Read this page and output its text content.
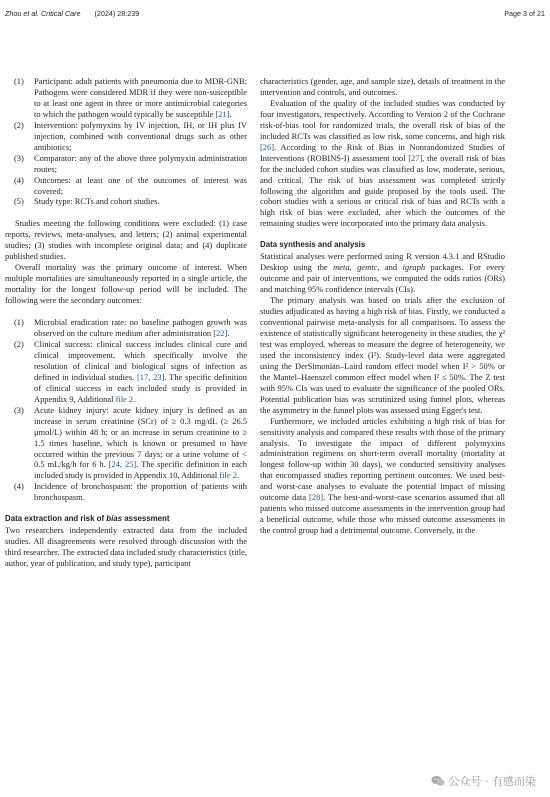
Zhou et al. Critical Care (2024) 28:239	Page 3 of 21
(1) Participant: adult patients with pneumonia due to MDR-GNB; Pathogens were considered MDR if they were non-susceptible to at least one agent in three or more antimicrobial categories to which the pathogen would typically be susceptible [21].
(2) Intervention: polymyxins by IV injection, IH, or IH plus IV injection, combined with conventional drugs such as other antibiotics;
(3) Comparator: any of the above three polymyxin administration routes;
(4) Outcomes: at least one of the outcomes of interest was covered;
(5) Study type: RCTs and cohort studies.

Studies meeting the following conditions were excluded: (1) case reports, reviews, meta-analyses, and letters; (2) animal experimental studies; (3) studies with incomplete original data; and (4) duplicate published studies.

Overall mortality was the primary outcome of interest. When multiple mortalities are simultaneously reported in a single article, the mortality for the longest follow-up period will be included. The following were the secondary outcomes:

(1) Microbial eradication rate: no baseline pathogen growth was observed on the culture medium after administration [22].
(2) Clinical success: clinical success includes clinical cure and clinical improvement, which specifically involve the resolution of clinical and biological signs of infection as defined in individual studies. [17, 23]. The specific definition of clinical success in each included study is provided in Appendix 9, Additional file 2.
(3) Acute kidney injury: acute kidney injury is defined as an increase in serum creatinine (SCr) of ≥ 0.3 mg/dL (≥ 26.5 μmol/L) within 48 h; or an increase in serum creatinine to ≥ 1.5 times baseline, which is known or presumed to have occurred within the previous 7 days; or a urine volume of < 0.5 mL/kg/h for 6 h. [24, 25]. The specific definition in each included study is provided in Appendix 10, Additional file 2.
(4) Incidence of bronchospasm: the proportion of patients with bronchospasm.
Data extraction and risk of bias assessment

Two researchers independently extracted data from the included studies. All disagreements were resolved through discussion with the third researcher. The extracted data included study characteristics (title, author, year of publication, and study type), participant

characteristics (gender, age, and sample size), details of treatment in the intervention and controls, and outcomes.

Evaluation of the quality of the included studies was conducted by four investigators, respectively. According to Version 2 of the Cochrane risk-of-bias tool for randomized trials, the overall risk of bias of the included RCTs was classified as low risk, some concerns, and high risk [26]. According to the Risk of Bias in Nonrandomized Studies of Interventions (ROBINS-I) assessment tool [27], the overall risk of bias for the included cohort studies was classified as low, moderate, serious, and critical. The risk of bias assessment was completed strictly following the algorithm and guide proposed by the tools used. The cohort studies with a serious or critical risk of bias and RCTs with a high risk of bias were excluded, after which the outcomes of the remaining studies were incorporated into the primary data analysis.

Data synthesis and analysis

Statistical analyses were performed using R version 4.3.1 and RStudio Desktop using the meta, gemtc, and igraph packages. For every outcome and pair of interventions, we computed the odds ratios (ORs) and matching 95% confidence intervals (CIs).

The primary analysis was based on trials after the exclusion of studies adjudicated as having a high risk of bias. Firstly, we conducted a conventional pairwise meta-analysis for all comparisons. To assess the existence of statistically significant heterogeneity in these studies, the χ² test was employed, whereas to measure the degree of heterogeneity, we used the inconsistency index (I²). Study-level data were aggregated using the DerSimonian–Laird random effect model when I² > 50% or the Mantel–Haenszel common effect model when I² ≤ 50%. The Z test with 95% CIs was used to evaluate the significance of the pooled ORs. Potential publication bias was scrutinized using funnel plots, whereas the asymmetry in the funnel plots was assessed using Egger's test.

Furthermore, we included articles exhibiting a high risk of bias for sensitivity analysis and compared these results with those of the primary analysis. To investigate the impact of different polymyxins administration regimens on short-term overall mortality (mortality at longest follow-up within 30 days), we conducted sensitivity analyses that encompassed studies reporting pertinent outcomes. We used best- and worst-case analyses to evaluate the potential impact of missing outcome data [28]. The best-and-worst-case scenarios assumed that all patients who missed outcome assessments in the intervention group had a beneficial outcome, while those who missed outcome assessments in the control group had a detrimental outcome. Conversely, in the

公众号 · 有感而染
